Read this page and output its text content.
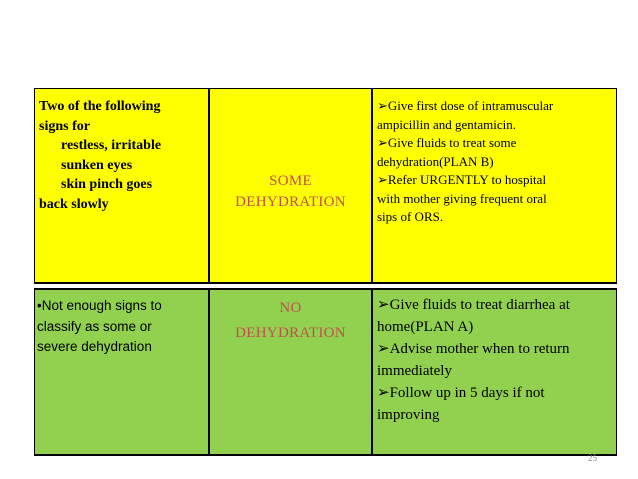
Two of the following
signs for
restless, irritable
sunken eyes
skin pinch goes
back slowly
SOME
DEHYDRATION
➢Give first dose of intramuscular
ampicillin and gentamicin.
➢Give fluids to treat some
dehydration(PLAN B)
➢Refer URGENTLY to hospital
with mother giving frequent oral
sips of ORS.
•Not enough signs to
classify as some or
severe dehydration
NO
DEHYDRATION
➢Give fluids to treat diarrhea at
home(PLAN A)
➢Advise mother when to return
immediately
➢Follow up in 5 days if not
improving
25
